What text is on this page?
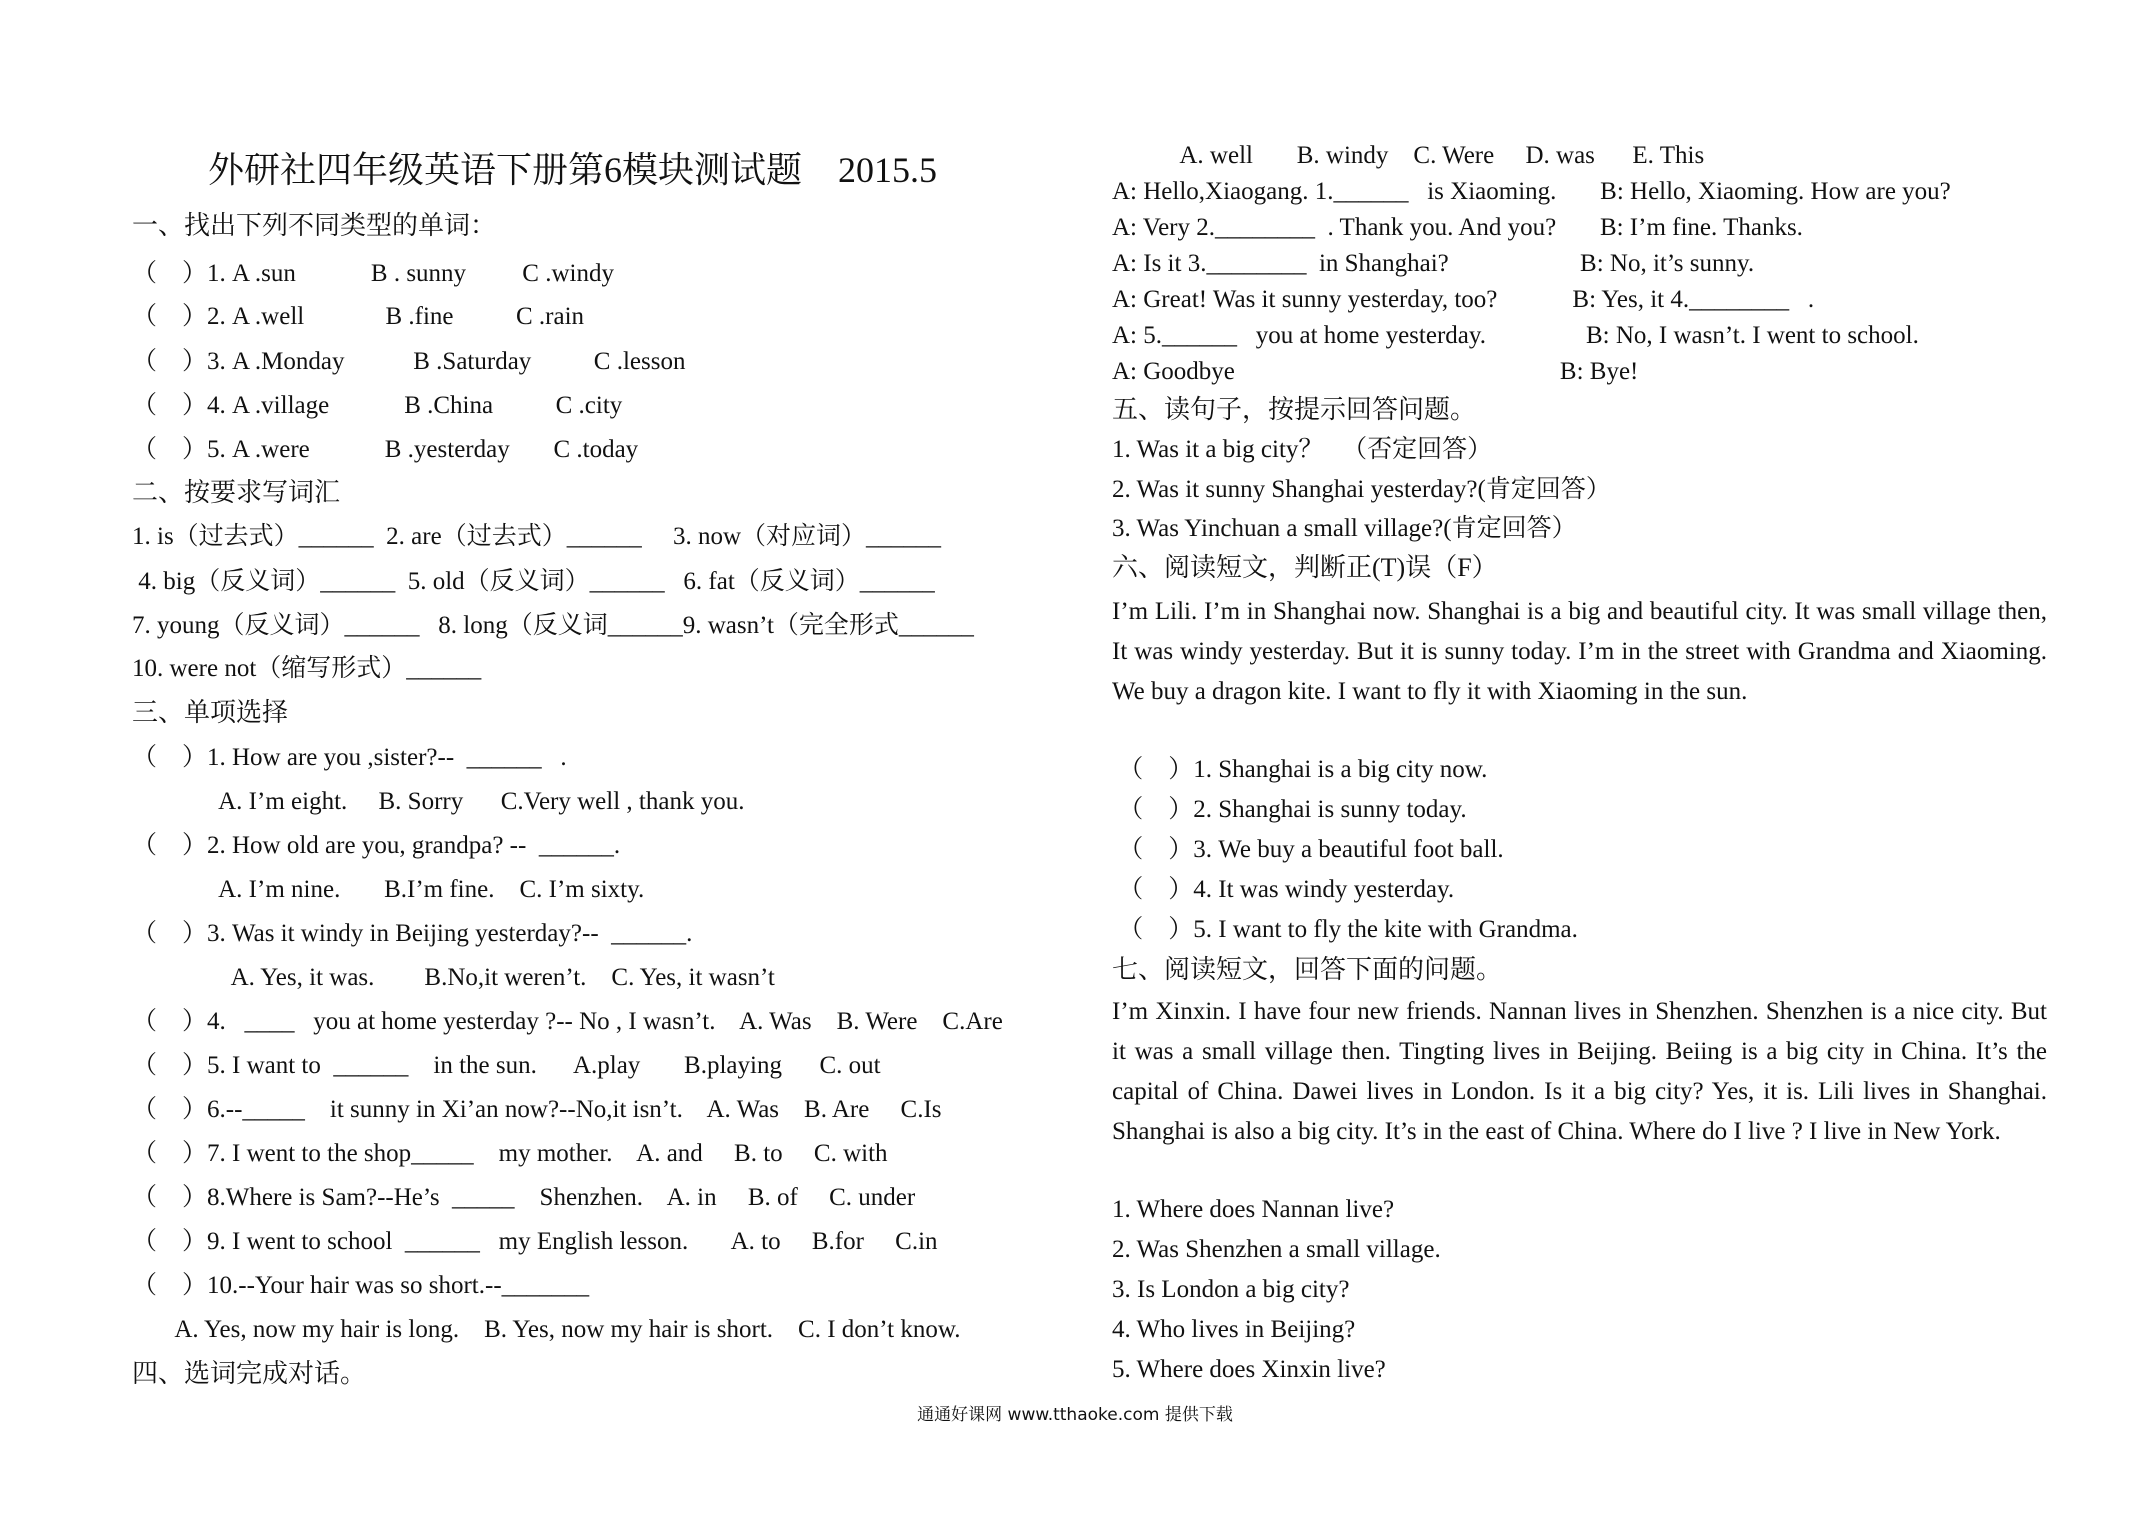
外研社四年级英语下册第6模块测试题    2015.5
一、找出下列不同类型的单词：
（    ）1. A .sun            B . sunny         C .windy
（    ）2. A .well             B .fine          C .rain
（    ）3. A .Monday           B .Saturday          C .lesson
（    ）4. A .village            B .China          C .city
（    ）5. A .were            B .yesterday       C .today
二、按要求写词汇
1. is（过去式）______  2. are（过去式）______     3. now（对应词）______
4. big（反义词）______  5. old（反义词）______   6. fat（反义词）______
7. young（反义词）______   8. long（反义词______9. wasn’t（完全形式______
10. were not（缩写形式）______
三、单项选择
（    ）1. How are you ,sister?--  ______   .
A. I’m eight.     B. Sorry      C.Very well , thank you.
（    ）2. How old are you, grandpa? --  ______.
A. I’m nine.       B.I’m fine.    C. I’m sixty.
（    ）3. Was it windy in Beijing yesterday?--  ______.
A. Yes, it was.        B.No,it weren’t.    C. Yes, it wasn’t
（    ）4.   ____   you at home yesterday ?-- No , I wasn’t.    A. Was    B. Were    C.Are
（    ）5. I want to  ______    in the sun.      A.play       B.playing      C. out
（    ）6.--_____    it sunny in Xi’an now?--No,it isn’t.    A. Was    B. Are     C.Is
（    ）7. I went to the shop_____    my mother.    A. and     B. to     C. with
（    ）8.Where is Sam?--He’s  _____    Shenzhen.    A. in     B. of     C. under
（    ）9. I went to school  ______   my English lesson.       A. to     B.for     C.in
（    ）10.--Your hair was so short.--_______
A. Yes, now my hair is long.    B. Yes, now my hair is short.    C. I don’t know.
四、选词完成对话。
A. well       B. windy    C. Were     D. was      E. This
A: Hello,Xiaogang. 1.______   is Xiaoming.       B: Hello, Xiaoming. How are you?
A: Very 2.________  . Thank you. And you?       B: I’m fine. Thanks.
A: Is it 3.________  in Shanghai?                     B: No, it’s sunny.
A: Great! Was it sunny yesterday, too?            B: Yes, it 4.________   .
A: 5.______   you at home yesterday.                B: No, I wasn’t. I went to school.
A: Goodbye                                                    B: Bye!
五、读句子，按提示回答问题。
1. Was it a big city？   （否定回答）
2. Was it sunny Shanghai yesterday?(肯定回答）
3. Was Yinchuan a small village?(肯定回答）
六、阅读短文，判断正(T)误（F）
I’m Lili. I’m in Shanghai now. Shanghai is a big and beautiful city. It was small village then, It was windy yesterday. But it is sunny today. I’m in the street with Grandma and Xiaoming. We buy a dragon kite. I want to fly it with Xiaoming in the sun.
（    ）1. Shanghai is a big city now.
（    ）2. Shanghai is sunny today.
（    ）3. We buy a beautiful foot ball.
（    ）4. It was windy yesterday.
（    ）5. I want to fly the kite with Grandma.
七、阅读短文，回答下面的问题。
I’m Xinxin. I have four new friends. Nannan lives in Shenzhen. Shenzhen is a nice city. But it was a small village then. Tingting lives in Beijing. Beiing is a big city in China. It’s the capital of China. Dawei lives in London. Is it a big city? Yes, it is. Lili lives in Shanghai. Shanghai is also a big city. It’s in the east of China. Where do I live ? I live in New York.
1. Where does Nannan live?
2. Was Shenzhen a small village.
3. Is London a big city?
4. Who lives in Beijing?
5. Where does Xinxin live?
通通好课网 www.tthaoke.com 提供下载
